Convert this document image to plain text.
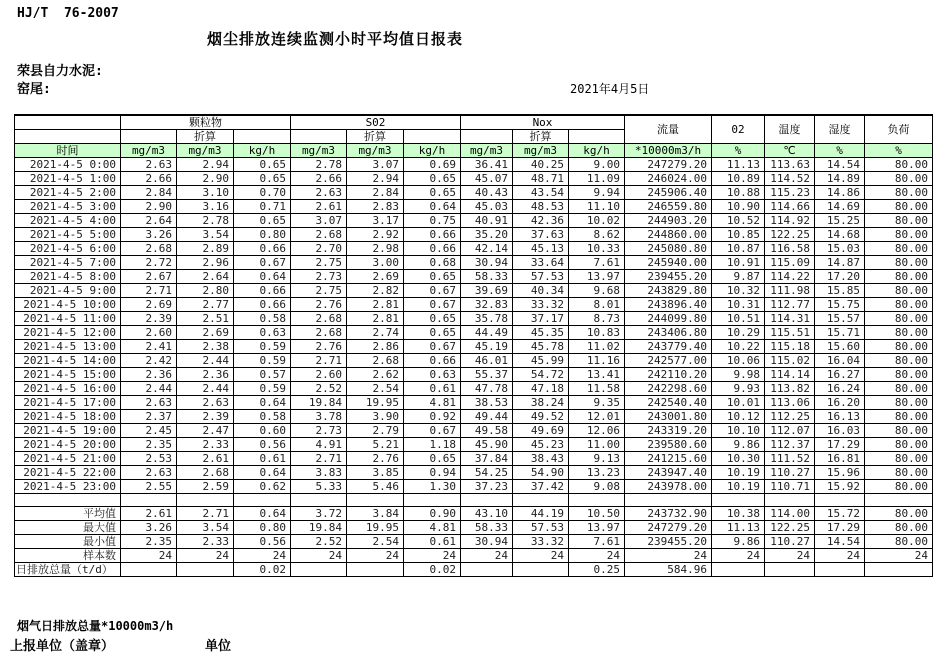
HJ/T  76-2007
烟尘排放连续监测小时平均值日报表
荣县自力水泥:
窑尾:	2021年4月5日
	颗粒物			S02			Nox			流量	02	温度	湿度	负荷
		折算			折算			折算						
时间	mg/m3	mg/m3	kg/h	mg/m3	mg/m3	kg/h	mg/m3	mg/m3	kg/h	*10000m3/h	%	℃	%	%
2021-4-5 0:00	2.63	2.94	0.65	2.78	3.07	0.69	36.41	40.25	9.00	247279.20	11.13	113.63	14.54	80.00
2021-4-5 1:00	2.66	2.90	0.65	2.66	2.94	0.65	45.07	48.71	11.09	246024.00	10.89	114.52	14.89	80.00
2021-4-5 2:00	2.84	3.10	0.70	2.63	2.84	0.65	40.43	43.54	9.94	245906.40	10.88	115.23	14.86	80.00
2021-4-5 3:00	2.90	3.16	0.71	2.61	2.83	0.64	45.03	48.53	11.10	246559.80	10.90	114.66	14.69	80.00
2021-4-5 4:00	2.64	2.78	0.65	3.07	3.17	0.75	40.91	42.36	10.02	244903.20	10.52	114.92	15.25	80.00
2021-4-5 5:00	3.26	3.54	0.80	2.68	2.92	0.66	35.20	37.63	8.62	244860.00	10.85	122.25	14.68	80.00
2021-4-5 6:00	2.68	2.89	0.66	2.70	2.98	0.66	42.14	45.13	10.33	245080.80	10.87	116.58	15.03	80.00
2021-4-5 7:00	2.72	2.96	0.67	2.75	3.00	0.68	30.94	33.64	7.61	245940.00	10.91	115.09	14.87	80.00
2021-4-5 8:00	2.67	2.64	0.64	2.73	2.69	0.65	58.33	57.53	13.97	239455.20	9.87	114.22	17.20	80.00
2021-4-5 9:00	2.71	2.80	0.66	2.75	2.82	0.67	39.69	40.34	9.68	243829.80	10.32	111.98	15.85	80.00
2021-4-5 10:00	2.69	2.77	0.66	2.76	2.81	0.67	32.83	33.32	8.01	243896.40	10.31	112.77	15.75	80.00
2021-4-5 11:00	2.39	2.51	0.58	2.68	2.81	0.65	35.78	37.17	8.73	244099.80	10.51	114.31	15.57	80.00
2021-4-5 12:00	2.60	2.69	0.63	2.68	2.74	0.65	44.49	45.35	10.83	243406.80	10.29	115.51	15.71	80.00
2021-4-5 13:00	2.41	2.38	0.59	2.76	2.86	0.67	45.19	45.78	11.02	243779.40	10.22	115.18	15.60	80.00
2021-4-5 14:00	2.42	2.44	0.59	2.71	2.68	0.66	46.01	45.99	11.16	242577.00	10.06	115.02	16.04	80.00
2021-4-5 15:00	2.36	2.36	0.57	2.60	2.62	0.63	55.37	54.72	13.41	242110.20	9.98	114.14	16.27	80.00
2021-4-5 16:00	2.44	2.44	0.59	2.52	2.54	0.61	47.78	47.18	11.58	242298.60	9.93	113.82	16.24	80.00
2021-4-5 17:00	2.63	2.63	0.64	19.84	19.95	4.81	38.53	38.24	9.35	242540.40	10.01	113.06	16.20	80.00
2021-4-5 18:00	2.37	2.39	0.58	3.78	3.90	0.92	49.44	49.52	12.01	243001.80	10.12	112.25	16.13	80.00
2021-4-5 19:00	2.45	2.47	0.60	2.73	2.79	0.67	49.58	49.69	12.06	243319.20	10.10	112.07	16.03	80.00
2021-4-5 20:00	2.35	2.33	0.56	4.91	5.21	1.18	45.90	45.23	11.00	239580.60	9.86	112.37	17.29	80.00
2021-4-5 21:00	2.53	2.61	0.61	2.71	2.76	0.65	37.84	38.43	9.13	241215.60	10.30	111.52	16.81	80.00
2021-4-5 22:00	2.63	2.68	0.64	3.83	3.85	0.94	54.25	54.90	13.23	243947.40	10.19	110.27	15.96	80.00
2021-4-5 23:00	2.55	2.59	0.62	5.33	5.46	1.30	37.23	37.42	9.08	243978.00	10.19	110.71	15.92	80.00

平均值	2.61	2.71	0.64	3.72	3.84	0.90	43.10	44.19	10.50	243732.90	10.38	114.00	15.72	80.00
最大值	3.26	3.54	0.80	19.84	19.95	4.81	58.33	57.53	13.97	247279.20	11.13	122.25	17.29	80.00
最小值	2.35	2.33	0.56	2.52	2.54	0.61	30.94	33.32	7.61	239455.20	9.86	110.27	14.54	80.00
样本数	24	24	24	24	24	24	24	24	24	24	24	24	24	24
日排放总量（t/d）			0.02			0.02			0.25	584.96				
烟气日排放总量*10000m3/h
上报单位（盖章）	单位
